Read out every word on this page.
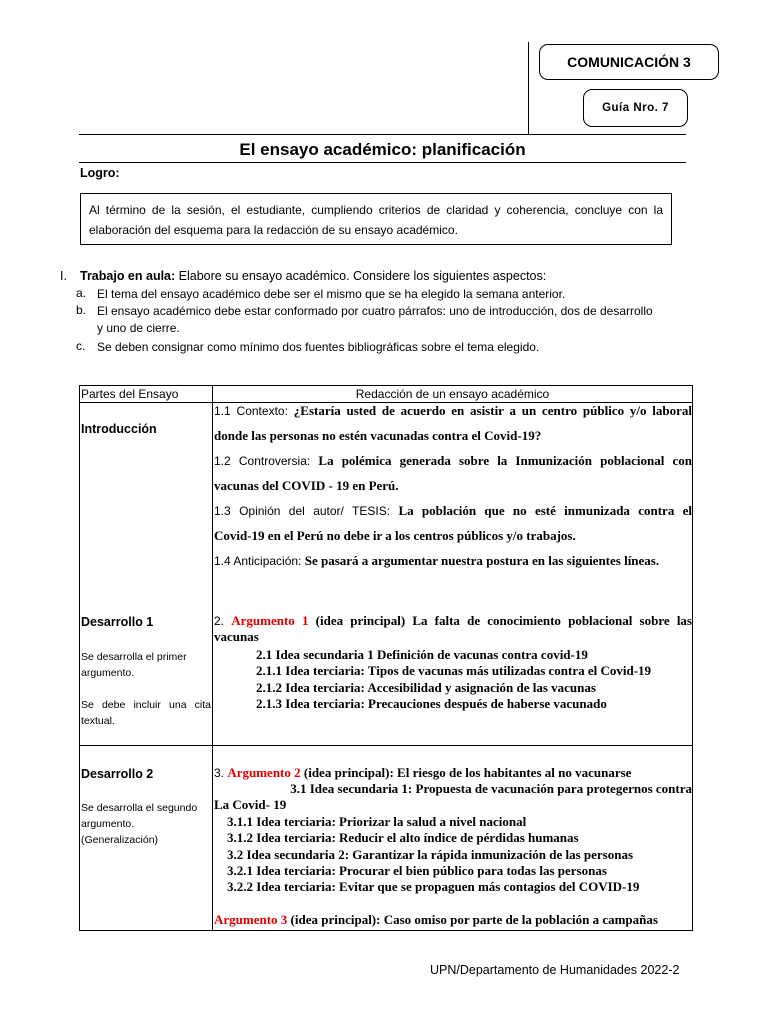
COMUNICACIÓN 3
Guía Nro. 7
El ensayo académico: planificación
Logro:
Al término de la sesión, el estudiante, cumpliendo criterios de claridad y coherencia, concluye con la elaboración del esquema para la redacción de su ensayo académico.
I. Trabajo en aula: Elabore su ensayo académico. Considere los siguientes aspectos:
a. El tema del ensayo académico debe ser el mismo que se ha elegido la semana anterior.
b. El ensayo académico debe estar conformado por cuatro párrafos: uno de introducción, dos de desarrollo
y uno de cierre.
c. Se deben consignar como mínimo dos fuentes bibliográficas sobre el tema elegido.
Partes del Ensayo	Redacción de un ensayo académico
Introducción
1.1 Contexto: ¿Estaría usted de acuerdo en asistir a un centro público y/o laboral
donde las personas no estén vacunadas contra el Covid-19?
1.2 Controversia: La polémica generada sobre la Inmunización poblacional con
vacunas del COVID - 19 en Perú.
1.3 Opinión del autor/ TESIS: La población que no esté inmunizada contra el
Covid-19 en el Perú no debe ir a los centros públicos y/o trabajos.
1.4 Anticipación: Se pasará a argumentar nuestra postura en las siguientes líneas.
Desarrollo 1
Se desarrolla el primer argumento.
Se debe incluir una cita textual.
2. Argumento 1 (idea principal) La falta de conocimiento poblacional sobre las
vacunas
2.1 Idea secundaria 1 Definición de vacunas contra covid-19
2.1.1 Idea terciaria: Tipos de vacunas más utilizadas contra el Covid-19
2.1.2 Idea terciaria: Accesibilidad y asignación de las vacunas
2.1.3 Idea terciaria: Precauciones después de haberse vacunado
Desarrollo 2
Se desarrolla el segundo argumento.
(Generalización)
3. Argumento 2 (idea principal): El riesgo de los habitantes al no vacunarse
3.1 Idea secundaria 1: Propuesta de vacunación para protegernos contra
La Covid- 19
3.1.1 Idea terciaria: Priorizar la salud a nivel nacional
3.1.2 Idea terciaria: Reducir el alto índice de pérdidas humanas
3.2 Idea secundaria 2: Garantizar la rápida inmunización de las personas
3.2.1 Idea terciaria: Procurar el bien público para todas las personas
3.2.2 Idea terciaria: Evitar que se propaguen más contagios del COVID-19
Argumento 3 (idea principal): Caso omiso por parte de la población a campañas
UPN/Departamento de Humanidades 2022-2
